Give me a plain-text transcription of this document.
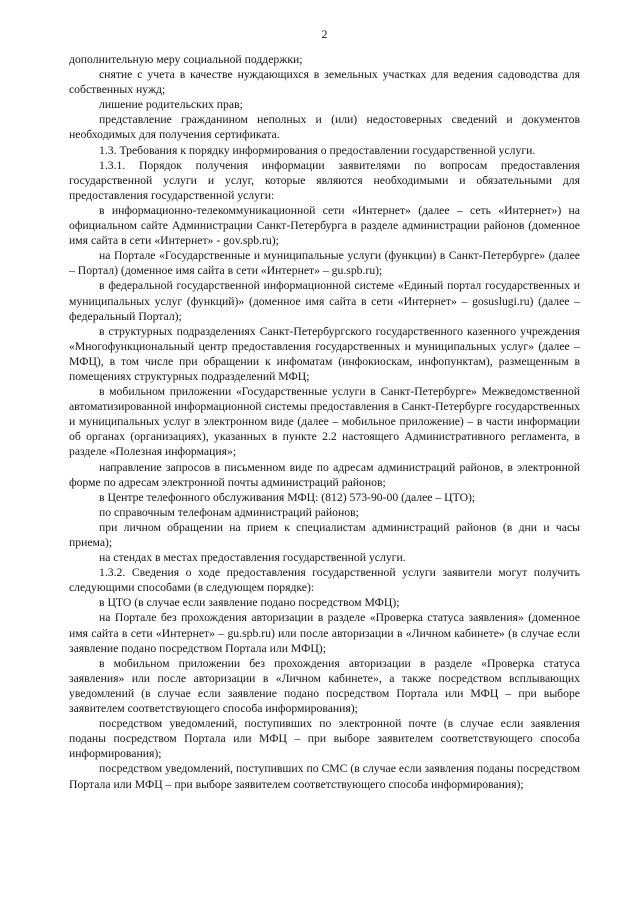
2

дополнительную меру социальной поддержки;

снятие с учета в качестве нуждающихся в земельных участках для ведения садоводства для собственных нужд;

лишение родительских прав;

представление гражданином неполных и (или) недостоверных сведений и документов необходимых для получения сертификата.

1.3. Требования к порядку информирования о предоставлении государственной услуги.

1.3.1. Порядок получения информации заявителями по вопросам предоставления государственной услуги и услуг, которые являются необходимыми и обязательными для предоставления государственной услуги:

в информационно-телекоммуникационной сети «Интернет» (далее – сеть «Интернет») на официальном сайте Администрации Санкт-Петербурга в разделе администрации районов (доменное имя сайта в сети «Интернет» - gov.spb.ru);

на Портале «Государственные и муниципальные услуги (функции) в Санкт-Петербурге» (далее – Портал) (доменное имя сайта в сети «Интернет» – gu.spb.ru);

в федеральной государственной информационной системе «Единый портал государственных и муниципальных услуг (функций)» (доменное имя сайта в сети «Интернет» – gosuslugi.ru) (далее – федеральный Портал);

в структурных подразделениях Санкт-Петербургского государственного казенного учреждения «Многофункциональный центр предоставления государственных и муниципальных услуг» (далее – МФЦ), в том числе при обращении к инфоматам (инфокиоскам, инфопунктам), размещенным в помещениях структурных подразделений МФЦ;

в мобильном приложении «Государственные услуги в Санкт-Петербурге» Межведомственной автоматизированной информационной системы предоставления в Санкт-Петербурге государственных и муниципальных услуг в электронном виде (далее – мобильное приложение) – в части информации об органах (организациях), указанных в пункте 2.2 настоящего Административного регламента, в разделе «Полезная информация»;

направление запросов в письменном виде по адресам администраций районов, в электронной форме по адресам электронной почты администраций районов;

в Центре телефонного обслуживания МФЦ: (812) 573-90-00 (далее – ЦТО);

по справочным телефонам администраций районов;

при личном обращении на прием к специалистам администраций районов (в дни и часы приема);

на стендах в местах предоставления государственной услуги.

1.3.2. Сведения о ходе предоставления государственной услуги заявители могут получить следующими способами (в следующем порядке):

в ЦТО (в случае если заявление подано посредством МФЦ);

на Портале без прохождения авторизации в разделе «Проверка статуса заявления» (доменное имя сайта в сети «Интернет» – gu.spb.ru) или после авторизации в «Личном кабинете» (в случае если заявление подано посредством Портала или МФЦ);

в мобильном приложении без прохождения авторизации в разделе «Проверка статуса заявления» или после авторизации в «Личном кабинете», а также посредством всплывающих уведомлений (в случае если заявление подано посредством Портала или МФЦ – при выборе заявителем соответствующего способа информирования);

посредством уведомлений, поступивших по электронной почте (в случае если заявления поданы посредством Портала или МФЦ – при выборе заявителем соответствующего способа информирования);

посредством уведомлений, поступивших по СМС (в случае если заявления поданы посредством Портала или МФЦ – при выборе заявителем соответствующего способа информирования);
